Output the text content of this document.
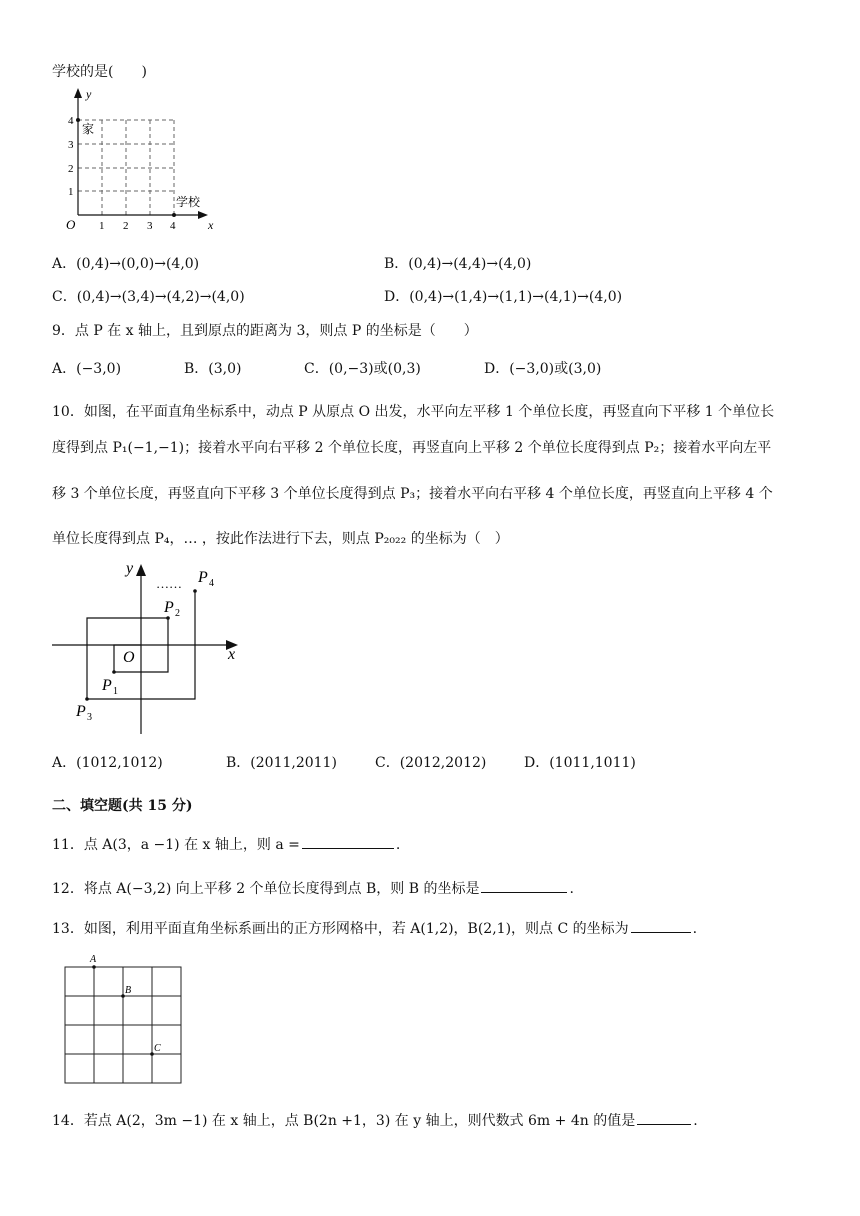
学校的是(　　)
y
x
O
4
3
2
1
1 2 3 4
家
学校
A．(0,4)→(0,0)→(4,0)	B．(0,4)→(4,4)→(4,0)
C．(0,4)→(3,4)→(4,2)→(4,0)	D．(0,4)→(1,4)→(1,1)→(4,1)→(4,0)
9．点 P 在 x 轴上，且到原点的距离为 3，则点 P 的坐标是（　　）
A．(−3,0)	B．(3,0)	C．(0,−3)或(0,3)	D．(−3,0)或(3,0)
10．如图，在平面直角坐标系中，动点 P 从原点 O 出发，水平向左平移 1 个单位长度，再竖直向下平移 1 个单位长
度得到点 P₁(−1,−1)；接着水平向右平移 2 个单位长度，再竖直向上平移 2 个单位长度得到点 P₂；接着水平向左平
移 3 个单位长度，再竖直向下平移 3 个单位长度得到点 P₃；接着水平向右平移 4 个单位长度，再竖直向上平移 4 个
单位长度得到点 P₄，… ，按此作法进行下去，则点 P₂₀₂₂ 的坐标为（　）
……
y
x
O
P 1
P 2
P 3
P 4
A．(1012,1012)	B．(2011,2011)	C．(2012,2012)	D．(1011,1011)
二、填空题(共 15 分)
11．点 A(3，a −1) 在 x 轴上，则 a =	.
12．将点 A(−3,2) 向上平移 2 个单位长度得到点 B，则 B 的坐标是	.
13．如图，利用平面直角坐标系画出的正方形网格中，若 A(1,2)，B(2,1)，则点 C 的坐标为	.
A
B
C
14．若点 A(2，3m −1) 在 x 轴上，点 B(2n +1，3) 在 y 轴上，则代数式 6m + 4n 的值是	.
